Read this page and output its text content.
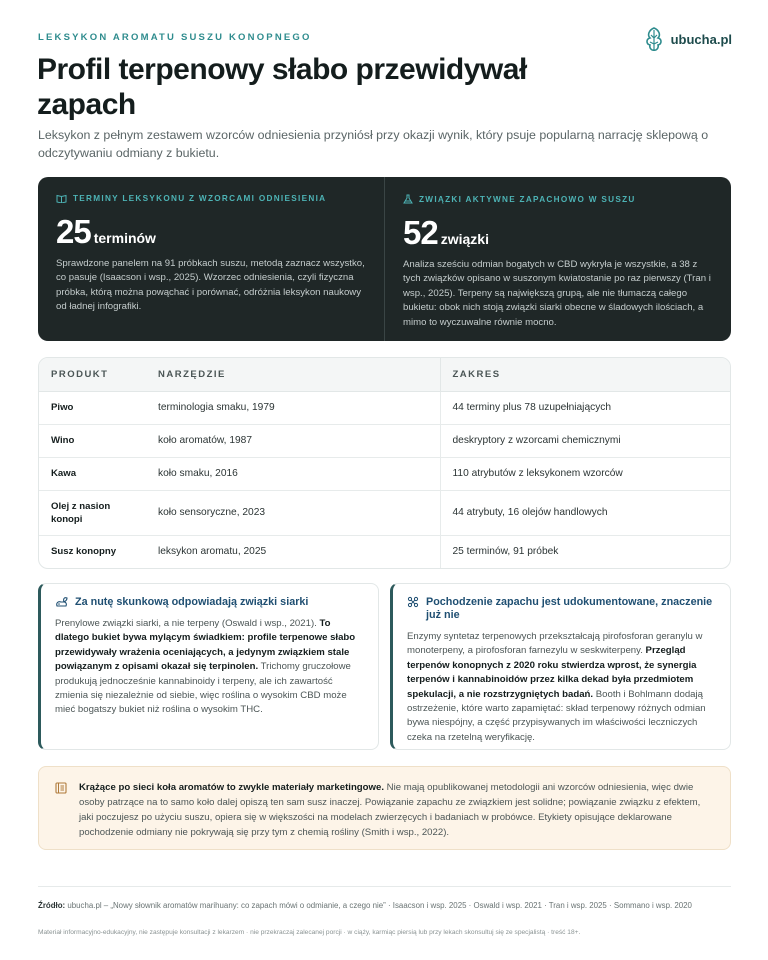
LEKSYKON AROMATU SUSZU KONOPNEGO	ubucha.pl
Profil terpenowy słabo przewidywał zapach

Leksykon z pełnym zestawem wzorców odniesienia przyniósł przy okazji wynik, który psuje popularną narrację sklepową o odczytywaniu odmiany z bukietu.

TERMINY LEKSYKONU Z WZORCAMI ODNIESIENIA
25 terminów

Sprawdzone panelem na 91 próbkach suszu, metodą zaznacz wszystko, co pasuje (Isaacson i wsp., 2025). Wzorzec odniesienia, czyli fizyczna próbka, którą można powąchać i porównać, odróżnia leksykon naukowy od ładnej infografiki.

ZWIĄZKI AKTYWNE ZAPACHOWO W SUSZU
52 związki

Analiza sześciu odmian bogatych w CBD wykryła je wszystkie, a 38 z tych związków opisano w suszonym kwiatostanie po raz pierwszy (Tran i wsp., 2025). Terpeny są największą grupą, ale nie tłumaczą całego bukietu: obok nich stoją związki siarki obecne w śladowych ilościach, a mimo to wyczuwalne równie mocno.

PRODUKT	NARZĘDZIE	ZAKRES
Piwo	terminologia smaku, 1979	44 terminy plus 78 uzupełniających
Wino	koło aromatów, 1987	deskryptory z wzorcami chemicznymi
Kawa	koło smaku, 2016	110 atrybutów z leksykonem wzorców
Olej z nasion konopi	koło sensoryczne, 2023	44 atrybuty, 16 olejów handlowych
Susz konopny	leksykon aromatu, 2025	25 terminów, 91 próbek
Za nutę skunkową odpowiadają związki siarki

Prenylowe związki siarki, a nie terpeny (Oswald i wsp., 2021). To dlatego bukiet bywa mylącym świadkiem: profile terpenowe słabo przewidywały wrażenia oceniających, a jedynym związkiem stale powiązanym z opisami okazał się terpinolen. Trichomy gruczołowe produkują jednocześnie kannabinoidy i terpeny, ale ich zawartość zmienia się niezależnie od siebie, więc roślina o wysokim CBD może mieć bogatszy bukiet niż roślina o wysokim THC.

Pochodzenie zapachu jest udokumentowane, znaczenie już nie

Enzymy syntetaz terpenowych przekształcają pirofosforan geranylu w monoterpeny, a pirofosforan farnezylu w seskwiterpeny. Przegląd terpenów konopnych z 2020 roku stwierdza wprost, że synergia terpenów i kannabinoidów przez kilka dekad była przedmiotem spekulacji, a nie rozstrzygniętych badań. Booth i Bohlmann dodają ostrzeżenie, które warto zapamiętać: skład terpenowy różnych odmian bywa niespójny, a część przypisywanych im właściwości leczniczych czeka na rzetelną weryfikację.

Krążące po sieci koła aromatów to zwykle materiały marketingowe. Nie mają opublikowanej metodologii ani wzorców odniesienia, więc dwie osoby patrzące na to samo koło dalej opiszą ten sam susz inaczej. Powiązanie zapachu ze związkiem jest solidne; powiązanie związku z efektem, jaki poczujesz po użyciu suszu, opiera się w większości na modelach zwierzęcych i badaniach w probówce. Etykiety opisujące deklarowane pochodzenie odmiany nie pokrywają się przy tym z chemią rośliny (Smith i wsp., 2022).

Źródło: ubucha.pl – „Nowy słownik aromatów marihuany: co zapach mówi o odmianie, a czego nie” · Isaacson i wsp. 2025 · Oswald i wsp. 2021 · Tran i wsp. 2025 · Sommano i wsp. 2020

Materiał informacyjno-edukacyjny, nie zastępuje konsultacji z lekarzem · nie przekraczaj zalecanej porcji · w ciąży, karmiąc piersią lub przy lekach skonsultuj się ze specjalistą · treść 18+.
